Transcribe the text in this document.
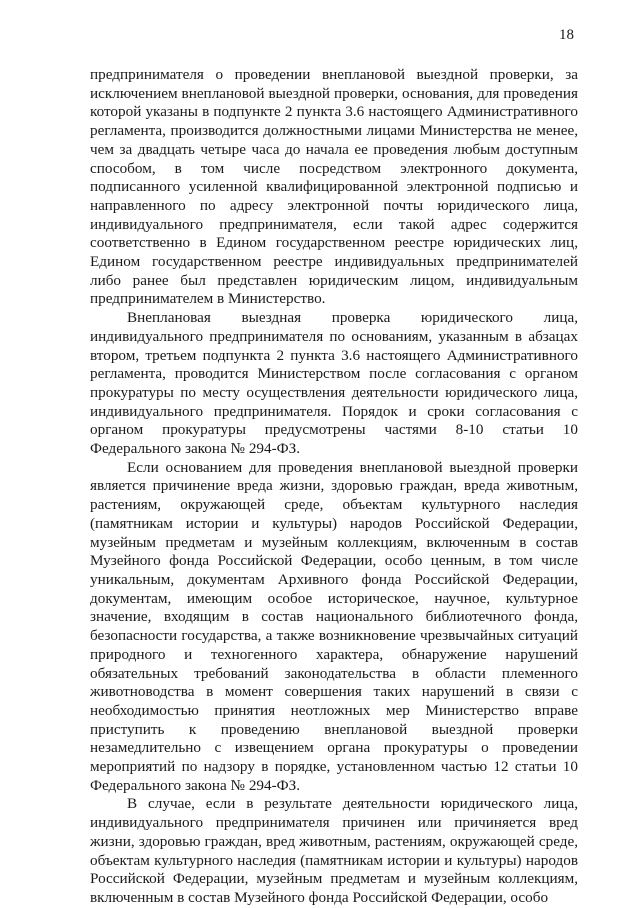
18

предпринимателя о проведении внеплановой выездной проверки, за исключением внеплановой выездной проверки, основания, для проведения которой указаны в подпункте 2 пункта 3.6 настоящего Административного регламента, производится должностными лицами Министерства не менее, чем за двадцать четыре часа до начала ее проведения любым доступным способом, в том числе посредством электронного документа, подписанного усиленной квалифицированной электронной подписью и направленного по адресу электронной почты юридического лица, индивидуального предпринимателя, если такой адрес содержится соответственно в Едином государственном реестре юридических лиц, Едином государственном реестре индивидуальных предпринимателей либо ранее был представлен юридическим лицом, индивидуальным предпринимателем в Министерство.

Внеплановая выездная проверка юридического лица, индивидуального предпринимателя по основаниям, указанным в абзацах втором, третьем подпункта 2 пункта 3.6 настоящего Административного регламента, проводится Министерством после согласования с органом прокуратуры по месту осуществления деятельности юридического лица, индивидуального предпринимателя. Порядок и сроки согласования с органом прокуратуры предусмотрены частями 8-10 статьи 10 Федерального закона № 294-ФЗ.

Если основанием для проведения внеплановой выездной проверки является причинение вреда жизни, здоровью граждан, вреда животным, растениям, окружающей среде, объектам культурного наследия (памятникам истории и культуры) народов Российской Федерации, музейным предметам и музейным коллекциям, включенным в состав Музейного фонда Российской Федерации, особо ценным, в том числе уникальным, документам Архивного фонда Российской Федерации, документам, имеющим особое историческое, научное, культурное значение, входящим в состав национального библиотечного фонда, безопасности государства, а также возникновение чрезвычайных ситуаций природного и техногенного характера, обнаружение нарушений обязательных требований законодательства в области племенного животноводства в момент совершения таких нарушений в связи с необходимостью принятия неотложных мер Министерство вправе приступить к проведению внеплановой выездной проверки незамедлительно с извещением органа прокуратуры о проведении мероприятий по надзору в порядке, установленном частью 12 статьи 10 Федерального закона № 294-ФЗ.

В случае, если в результате деятельности юридического лица, индивидуального предпринимателя причинен или причиняется вред жизни, здоровью граждан, вред животным, растениям, окружающей среде, объектам культурного наследия (памятникам истории и культуры) народов Российской Федерации, музейным предметам и музейным коллекциям, включенным в состав Музейного фонда Российской Федерации, особо
